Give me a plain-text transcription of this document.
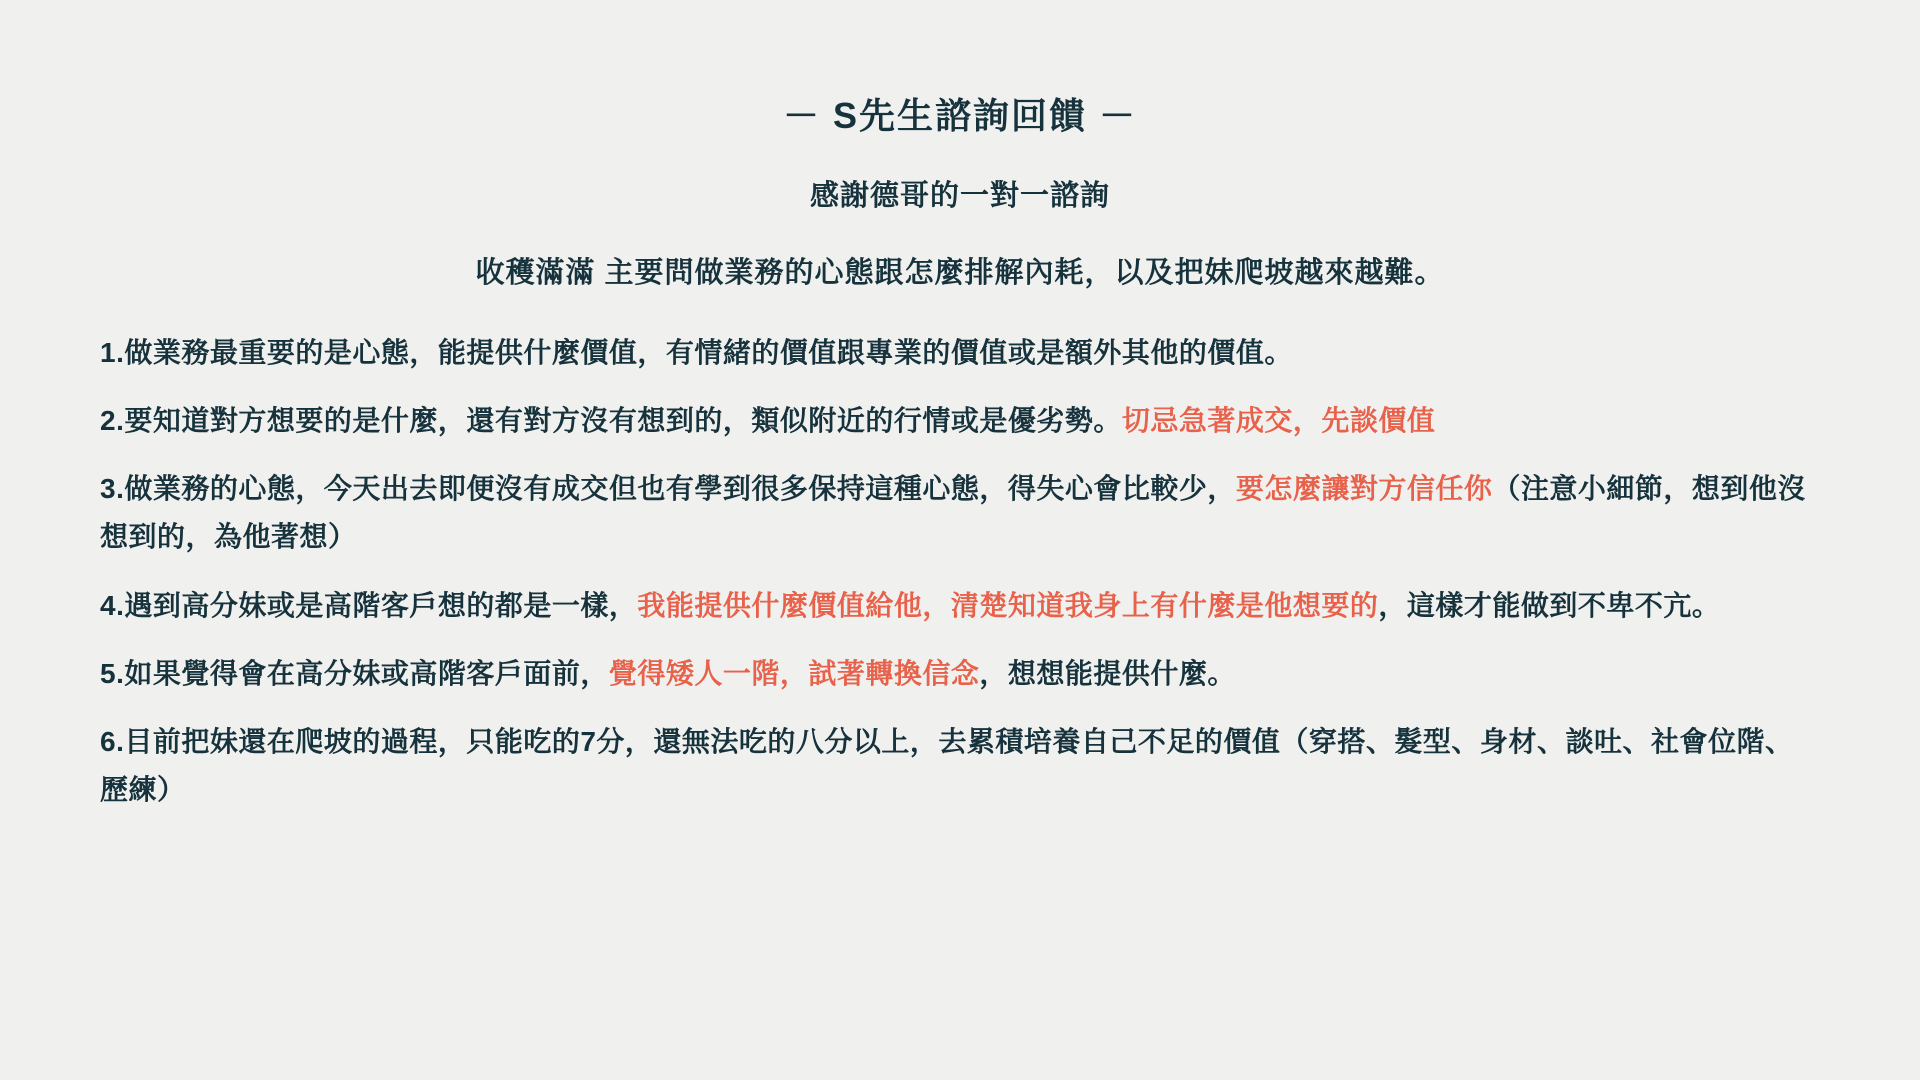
－ S先生諮詢回饋 －
感謝德哥的一對一諮詢
收穫滿滿 主要問做業務的心態跟怎麼排解內耗，以及把妹爬坡越來越難。
1.做業務最重要的是心態，能提供什麼價值，有情緒的價值跟專業的價值或是額外其他的價值。
2.要知道對方想要的是什麼，還有對方沒有想到的，類似附近的行情或是優劣勢。切忌急著成交，先談價值
3.做業務的心態，今天出去即便沒有成交但也有學到很多保持這種心態，得失心會比較少，要怎麼讓對方信任你（注意小細節，想到他沒想到的，為他著想）
4.遇到高分妹或是高階客戶想的都是一樣，我能提供什麼價值給他，清楚知道我身上有什麼是他想要的，這樣才能做到不卑不亢。
5.如果覺得會在高分妹或高階客戶面前，覺得矮人一階，試著轉換信念，想想能提供什麼。
6.目前把妹還在爬坡的過程，只能吃的7分，還無法吃的八分以上，去累積培養自己不足的價值（穿搭、髮型、身材、談吐、社會位階、歷練）
